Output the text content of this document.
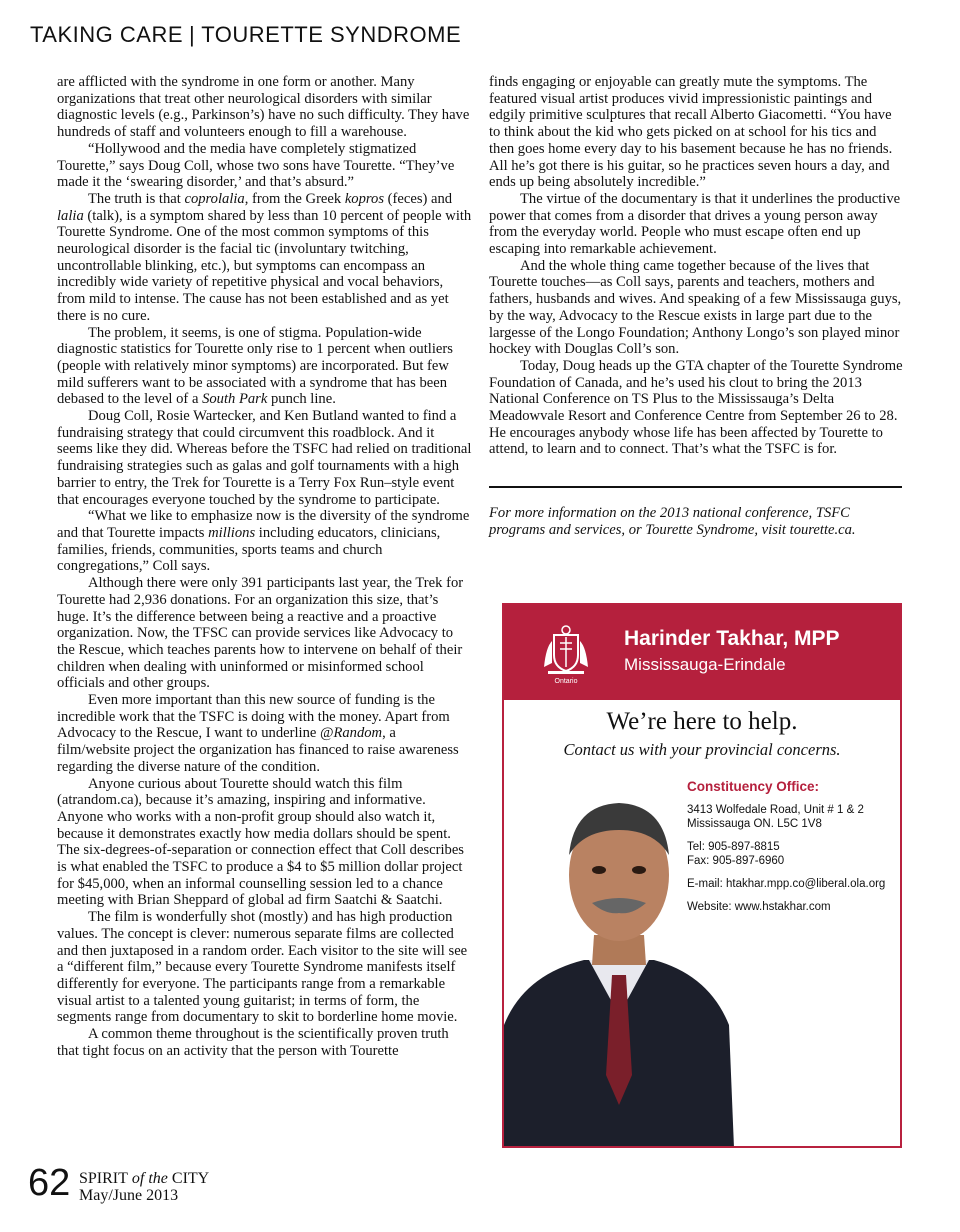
TAKING CARE | TOURETTE SYNDROME

are afflicted with the syndrome in one form or another. Many organizations that treat other neurological disorders with similar diagnostic levels (e.g., Parkinson’s) have no such difficulty. They have hundreds of staff and volunteers enough to fill a warehouse.

“Hollywood and the media have completely stigmatized Tourette,” says Doug Coll, whose two sons have Tourette. “They’ve made it the ‘swearing disorder,’ and that’s absurd.”

The truth is that coprolalia, from the Greek kopros (feces) and lalia (talk), is a symptom shared by less than 10 percent of people with Tourette Syndrome. One of the most common symptoms of this neurological disorder is the facial tic (involuntary twitching, uncontrollable blinking, etc.), but symptoms can encompass an incredibly wide variety of repetitive physical and vocal behaviors, from mild to intense. The cause has not been established and as yet there is no cure.

The problem, it seems, is one of stigma. Population-wide diagnostic statistics for Tourette only rise to 1 percent when outliers (people with relatively minor symptoms) are incorporated. But few mild sufferers want to be associated with a syndrome that has been debased to the level of a South Park punch line.

Doug Coll, Rosie Wartecker, and Ken Butland wanted to find a fundraising strategy that could circumvent this roadblock. And it seems like they did. Whereas before the TSFC had relied on traditional fundraising strategies such as galas and golf tournaments with a high barrier to entry, the Trek for Tourette is a Terry Fox Run–style event that encourages everyone touched by the syndrome to participate.

“What we like to emphasize now is the diversity of the syndrome and that Tourette impacts millions including educators, clinicians, families, friends, communities, sports teams and church congregations,” Coll says.

Although there were only 391 participants last year, the Trek for Tourette had 2,936 donations. For an organization this size, that’s huge. It’s the difference between being a reactive and a proactive organization. Now, the TFSC can provide services like Advocacy to the Rescue, which teaches parents how to intervene on behalf of their children when dealing with uninformed or misinformed school officials and other groups.

Even more important than this new source of funding is the incredible work that the TSFC is doing with the money. Apart from Advocacy to the Rescue, I want to underline @Random, a film/website project the organization has financed to raise awareness regarding the diverse nature of the condition.

Anyone curious about Tourette should watch this film (atrandom.ca), because it’s amazing, inspiring and informative. Anyone who works with a non-profit group should also watch it, because it demonstrates exactly how media dollars should be spent. The six-degrees-of-separation or connection effect that Coll describes is what enabled the TSFC to produce a $4 to $5 million dollar project for $45,000, when an informal counselling session led to a chance meeting with Brian Sheppard of global ad firm Saatchi & Saatchi.

The film is wonderfully shot (mostly) and has high production values. The concept is clever: numerous separate films are collected and then juxtaposed in a random order. Each visitor to the site will see a “different film,” because every Tourette Syndrome manifests itself differently for everyone. The participants range from a remarkable visual artist to a talented young guitarist; in terms of form, the segments range from documentary to skit to borderline home movie.

A common theme throughout is the scientifically proven truth that tight focus on an activity that the person with Tourette

finds engaging or enjoyable can greatly mute the symptoms. The featured visual artist produces vivid impressionistic paintings and edgily primitive sculptures that recall Alberto Giacometti. “You have to think about the kid who gets picked on at school for his tics and then goes home every day to his basement because he has no friends. All he’s got there is his guitar, so he practices seven hours a day, and ends up being absolutely incredible.”

The virtue of the documentary is that it underlines the productive power that comes from a disorder that drives a young person away from the everyday world. People who must escape often end up escaping into remarkable achievement.

And the whole thing came together because of the lives that Tourette touches—as Coll says, parents and teachers, mothers and fathers, husbands and wives. And speaking of a few Mississauga guys, by the way, Advocacy to the Rescue exists in large part due to the largesse of the Longo Foundation; Anthony Longo’s son played minor hockey with Douglas Coll’s son.

Today, Doug heads up the GTA chapter of the Tourette Syndrome Foundation of Canada, and he’s used his clout to bring the 2013 National Conference on TS Plus to the Mississauga’s Delta Meadowvale Resort and Conference Centre from September 26 to 28. He encourages anybody whose life has been affected by Tourette to attend, to learn and to connect. That’s what the TSFC is for.

For more information on the 2013 national conference, TSFC programs and services, or Tourette Syndrome, visit tourette.ca.
Ontario
Harinder Takhar, MPP
Mississauga-Erindale
We’re here to help.
Contact us with your provincial concerns.
Constituency Office:
3413 Wolfedale Road, Unit # 1 & 2
Mississauga ON. L5C 1V8
Tel: 905-897-8815
Fax: 905-897-6960
E-mail: htakhar.mpp.co@liberal.ola.org
Website: www.hstakhar.com
62 SPIRIT of the CITY
May/June 2013
